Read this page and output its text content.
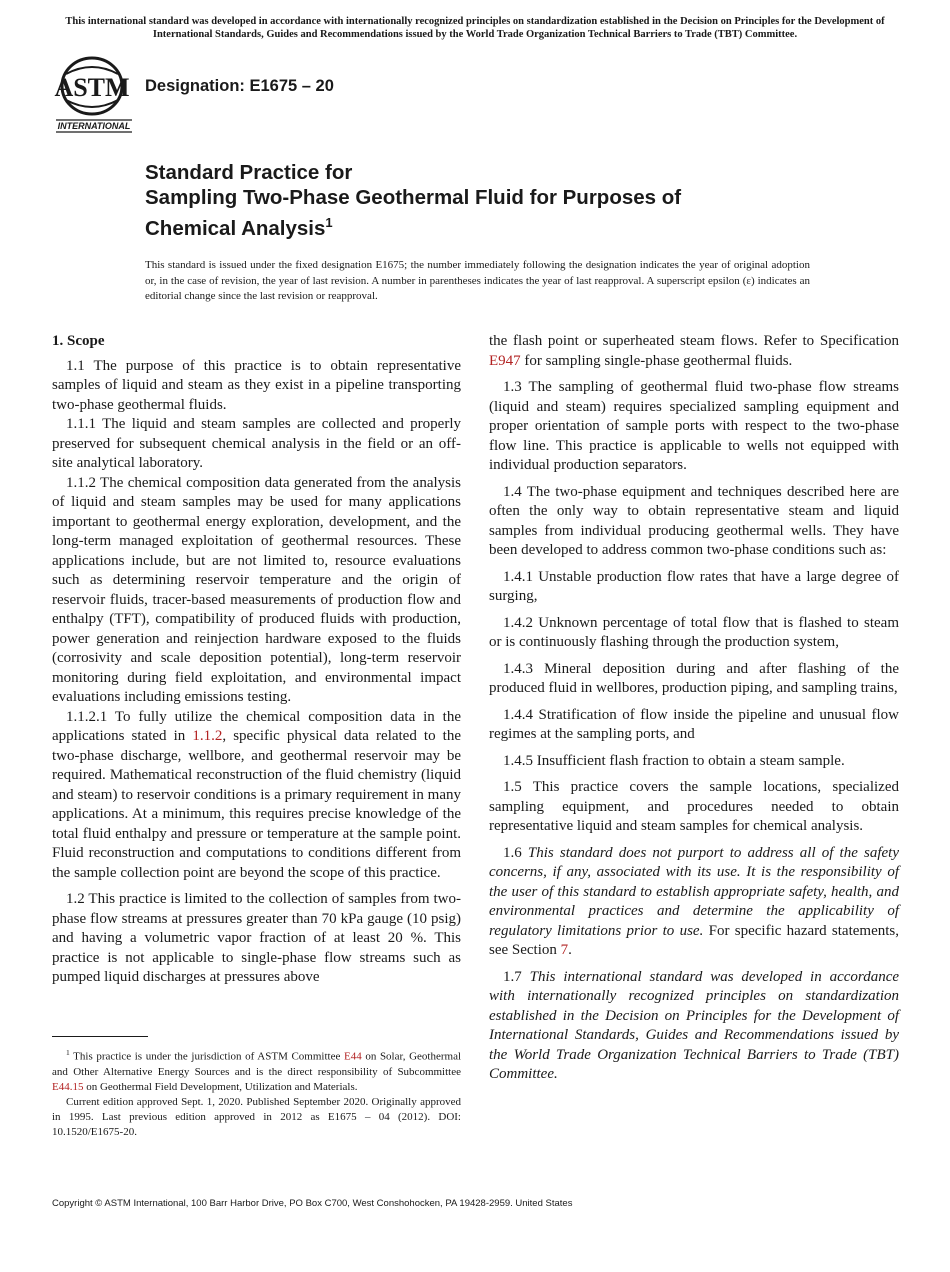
This international standard was developed in accordance with internationally recognized principles on standardization established in the Decision on Principles for the Development of International Standards, Guides and Recommendations issued by the World Trade Organization Technical Barriers to Trade (TBT) Committee.
ASTM
INTERNATIONAL
Designation: E1675 – 20
Standard Practice for
Sampling Two-Phase Geothermal Fluid for Purposes of
Chemical Analysis$^1$
This standard is issued under the fixed designation E1675; the number immediately following the designation indicates the year of original adoption or, in the case of revision, the year of last revision. A number in parentheses indicates the year of last reapproval. A superscript epsilon (ε) indicates an editorial change since the last revision or reapproval.
1. Scope

1.1 The purpose of this practice is to obtain representative samples of liquid and steam as they exist in a pipeline transporting two-phase geothermal fluids.

1.1.1 The liquid and steam samples are collected and properly preserved for subsequent chemical analysis in the field or an off-site analytical laboratory.

1.1.2 The chemical composition data generated from the analysis of liquid and steam samples may be used for many applications important to geothermal energy exploration, development, and the long-term managed exploitation of geothermal resources. These applications include, but are not limited to, resource evaluations such as determining reservoir temperature and the origin of reservoir fluids, tracer-based measurements of production flow and enthalpy (TFT), compatibility of produced fluids with production, power generation and reinjection hardware exposed to the fluids (corrosivity and scale deposition potential), long-term reservoir monitoring during field exploitation, and environmental impact evaluations including emissions testing.

1.1.2.1 To fully utilize the chemical composition data in the applications stated in 1.1.2, specific physical data related to the two-phase discharge, wellbore, and geothermal reservoir may be required. Mathematical reconstruction of the fluid chemistry (liquid and steam) to reservoir conditions is a primary requirement in many applications. At a minimum, this requires precise knowledge of the total fluid enthalpy and pressure or temperature at the sample point. Fluid reconstruction and computations to conditions different from the sample collection point are beyond the scope of this practice.

1.2 This practice is limited to the collection of samples from two-phase flow streams at pressures greater than 70 kPa gauge (10 psig) and having a volumetric vapor fraction of at least 20 %. This practice is not applicable to single-phase flow streams such as pumped liquid discharges at pressures above

the flash point or superheated steam flows. Refer to Specification E947 for sampling single-phase geothermal fluids.

1.3 The sampling of geothermal fluid two-phase flow streams (liquid and steam) requires specialized sampling equipment and proper orientation of sample ports with respect to the two-phase flow line. This practice is applicable to wells not equipped with individual production separators.

1.4 The two-phase equipment and techniques described here are often the only way to obtain representative steam and liquid samples from individual producing geothermal wells. They have been developed to address common two-phase conditions such as:

1.4.1 Unstable production flow rates that have a large degree of surging,

1.4.2 Unknown percentage of total flow that is flashed to steam or is continuously flashing through the production system,

1.4.3 Mineral deposition during and after flashing of the produced fluid in wellbores, production piping, and sampling trains,

1.4.4 Stratification of flow inside the pipeline and unusual flow regimes at the sampling ports, and

1.4.5 Insufficient flash fraction to obtain a steam sample.

1.5 This practice covers the sample locations, specialized sampling equipment, and procedures needed to obtain representative liquid and steam samples for chemical analysis.

1.6 This standard does not purport to address all of the safety concerns, if any, associated with its use. It is the responsibility of the user of this standard to establish appropriate safety, health, and environmental practices and determine the applicability of regulatory limitations prior to use. For specific hazard statements, see Section 7.

1.7 This international standard was developed in accordance with internationally recognized principles on standardization established in the Decision on Principles for the Development of International Standards, Guides and Recommendations issued by the World Trade Organization Technical Barriers to Trade (TBT) Committee.

$^1$ This practice is under the jurisdiction of ASTM Committee E44 on Solar, Geothermal and Other Alternative Energy Sources and is the direct responsibility of Subcommittee E44.15 on Geothermal Field Development, Utilization and Materials.

Current edition approved Sept. 1, 2020. Published September 2020. Originally approved in 1995. Last previous edition approved in 2012 as E1675 – 04 (2012). DOI: 10.1520/E1675-20.

Copyright © ASTM International, 100 Barr Harbor Drive, PO Box C700, West Conshohocken, PA 19428-2959. United States
